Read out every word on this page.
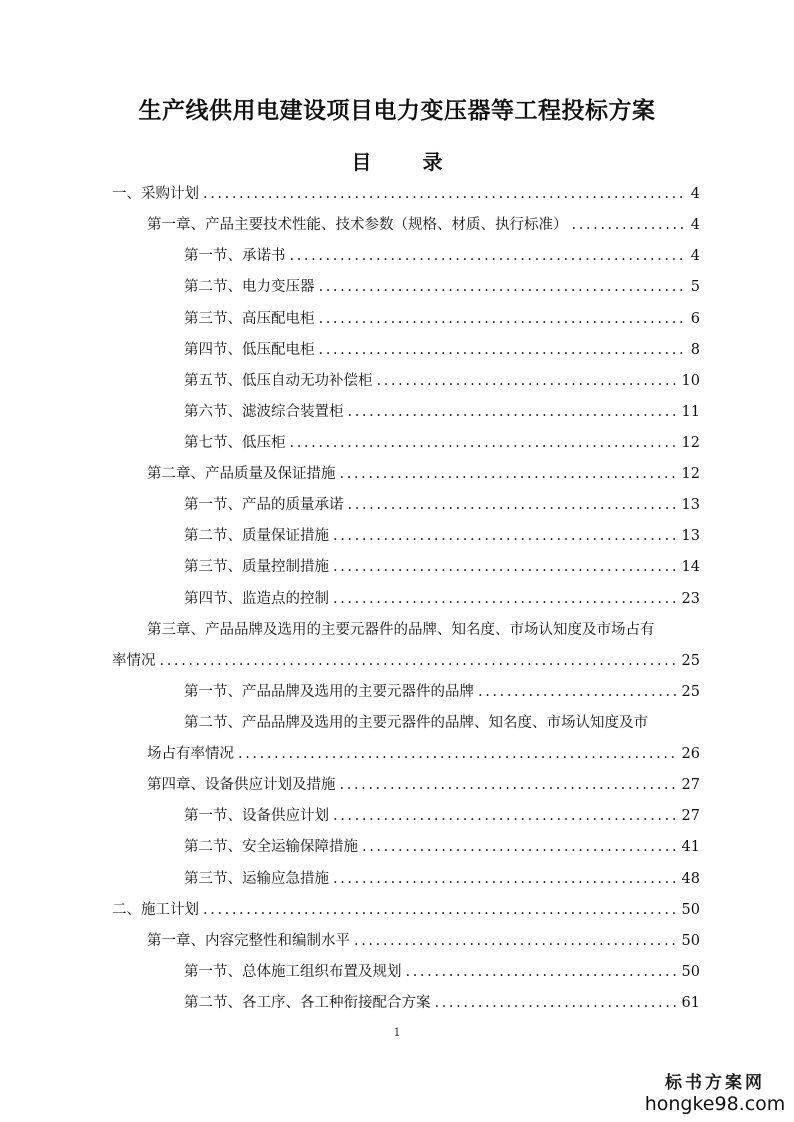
生产线供用电建设项目电力变压器等工程投标方案
目 录
一、采购计划 .....	4
第一章、产品主要技术性能、技术参数（规格、材质、执行标准） .....	4
第一节、承诺书 .....	4
第二节、电力变压器 .....	5
第三节、高压配电柜 .....	6
第四节、低压配电柜 .....	8
第五节、低压自动无功补偿柜 .....	10
第六节、滤波综合装置柜 .....	11
第七节、低压柜 .....	12
第二章、产品质量及保证措施 .....	12
第一节、产品的质量承诺 .....	13
第二节、质量保证措施 .....	13
第三节、质量控制措施 .....	14
第四节、监造点的控制 .....	23
第三章、产品品牌及选用的主要元器件的品牌、知名度、市场认知度及市场占有
率情况 .....	25
第一节、产品品牌及选用的主要元器件的品牌 .....	25
第二节、产品品牌及选用的主要元器件的品牌、知名度、市场认知度及市
场占有率情况 .....	26
第四章、设备供应计划及措施 .....	27
第一节、设备供应计划 .....	27
第二节、安全运输保障措施 .....	41
第三节、运输应急措施 .....	48
二、施工计划 .....	50
第一章、内容完整性和编制水平 .....	50
第一节、总体施工组织布置及规划 .....	50
第二节、各工序、各工种衔接配合方案 .....	61
1
标书方案网
hongke98.com
